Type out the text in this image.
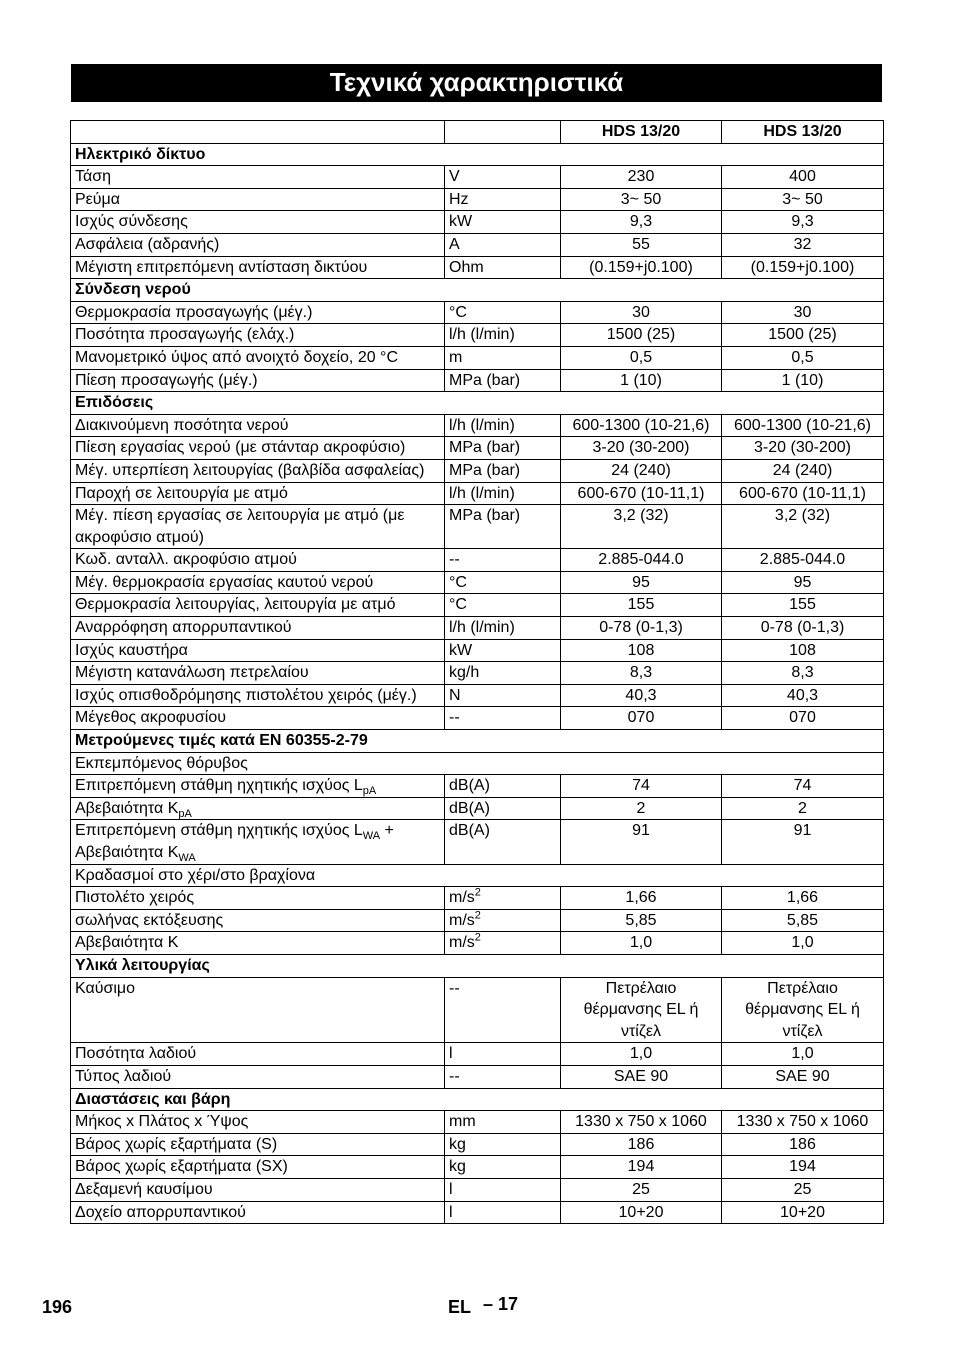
Τεχνικά χαρακτηριστικά
		HDS 13/20	HDS 13/20
Ηλεκτρικό δίκτυο			
Τάση	V	230	400
Ρεύμα	Hz	3~ 50	3~ 50
Ισχύς σύνδεσης	kW	9,3	9,3
Ασφάλεια (αδρανής)	A	55	32
Μέγιστη επιτρεπόμενη αντίσταση δικτύου	Ohm	(0.159+j0.100)	(0.159+j0.100)
Σύνδεση νερού			
Θερμοκρασία προσαγωγής (μέγ.)	°C	30	30
Ποσότητα προσαγωγής (ελάχ.)	l/h (l/min)	1500 (25)	1500 (25)
Μανομετρικό ύψος από ανοιχτό δοχείο, 20 °C	m	0,5	0,5
Πίεση προσαγωγής (μέγ.)	MPa (bar)	1 (10)	1 (10)
Επιδόσεις			
Διακινούμενη ποσότητα νερού	l/h (l/min)	600-1300 (10-21,6)	600-1300 (10-21,6)
Πίεση εργασίας νερού (με στάνταρ ακροφύσιο)	MPa (bar)	3-20 (30-200)	3-20 (30-200)
Μέγ. υπερπίεση λειτουργίας (βαλβίδα ασφαλείας)	MPa (bar)	24 (240)	24 (240)
Παροχή σε λειτουργία με ατμό	l/h (l/min)	600-670 (10-11,1)	600-670 (10-11,1)
Μέγ. πίεση εργασίας σε λειτουργία με ατμό (με ακροφύσιο ατμού)	MPa (bar)	3,2 (32)	3,2 (32)
Κωδ. ανταλλ. ακροφύσιο ατμού	--	2.885-044.0	2.885-044.0
Μέγ. θερμοκρασία εργασίας καυτού νερού	°C	95	95
Θερμοκρασία λειτουργίας, λειτουργία με ατμό	°C	155	155
Αναρρόφηση απορρυπαντικού	l/h (l/min)	0-78 (0-1,3)	0-78 (0-1,3)
Ισχύς καυστήρα	kW	108	108
Μέγιστη κατανάλωση πετρελαίου	kg/h	8,3	8,3
Ισχύς οπισθοδρόμησης πιστολέτου χειρός (μέγ.)	N	40,3	40,3
Μέγεθος ακροφυσίου	--	070	070
Μετρούμενες τιμές κατά EN 60355-2-79			
Εκπεμπόμενος θόρυβος			
Επιτρεπόμενη στάθμη ηχητικής ισχύος $L_{pA}$	dB(A)	74	74
Αβεβαιότητα $K_{pA}$	dB(A)	2	2
Επιτρεπόμενη στάθμη ηχητικής ισχύος $L_{WA} + A\beta\varepsilon\beta\alpha\iota ό\tau\eta\tau\alpha$ $K_{WA}$	dB(A)	91	91
Κραδασμοί στο χέρι/στο βραχίονα			
Πιστολέτο χειρός	$m/s^2$	1,66	1,66
σωλήνας εκτόξευσης	$m/s^2$	5,85	5,85
Αβεβαιότητα K	$m/s^2$	1,0	1,0
Υλικά λειτουργίας			
Καύσιμο	--	Πετρέλαιο θέρμανσης EL ή ντίζελ	Πετρέλαιο θέρμανσης EL ή ντίζελ
Ποσότητα λαδιού	l	1,0	1,0
Τύπος λαδιού	--	SAE 90	SAE 90
Διαστάσεις και βάρη			
Μήκος x Πλάτος x Ύψος	mm	1330 x 750 x 1060	1330 x 750 x 1060
Βάρος χωρίς εξαρτήματα (S)	kg	186	186
Βάρος χωρίς εξαρτήματα (SX)	kg	194	194
Δεξαμενή καυσίμου	l	25	25
Δοχείο απορρυπαντικού	l	10+20	10+20
196	EL – 17
